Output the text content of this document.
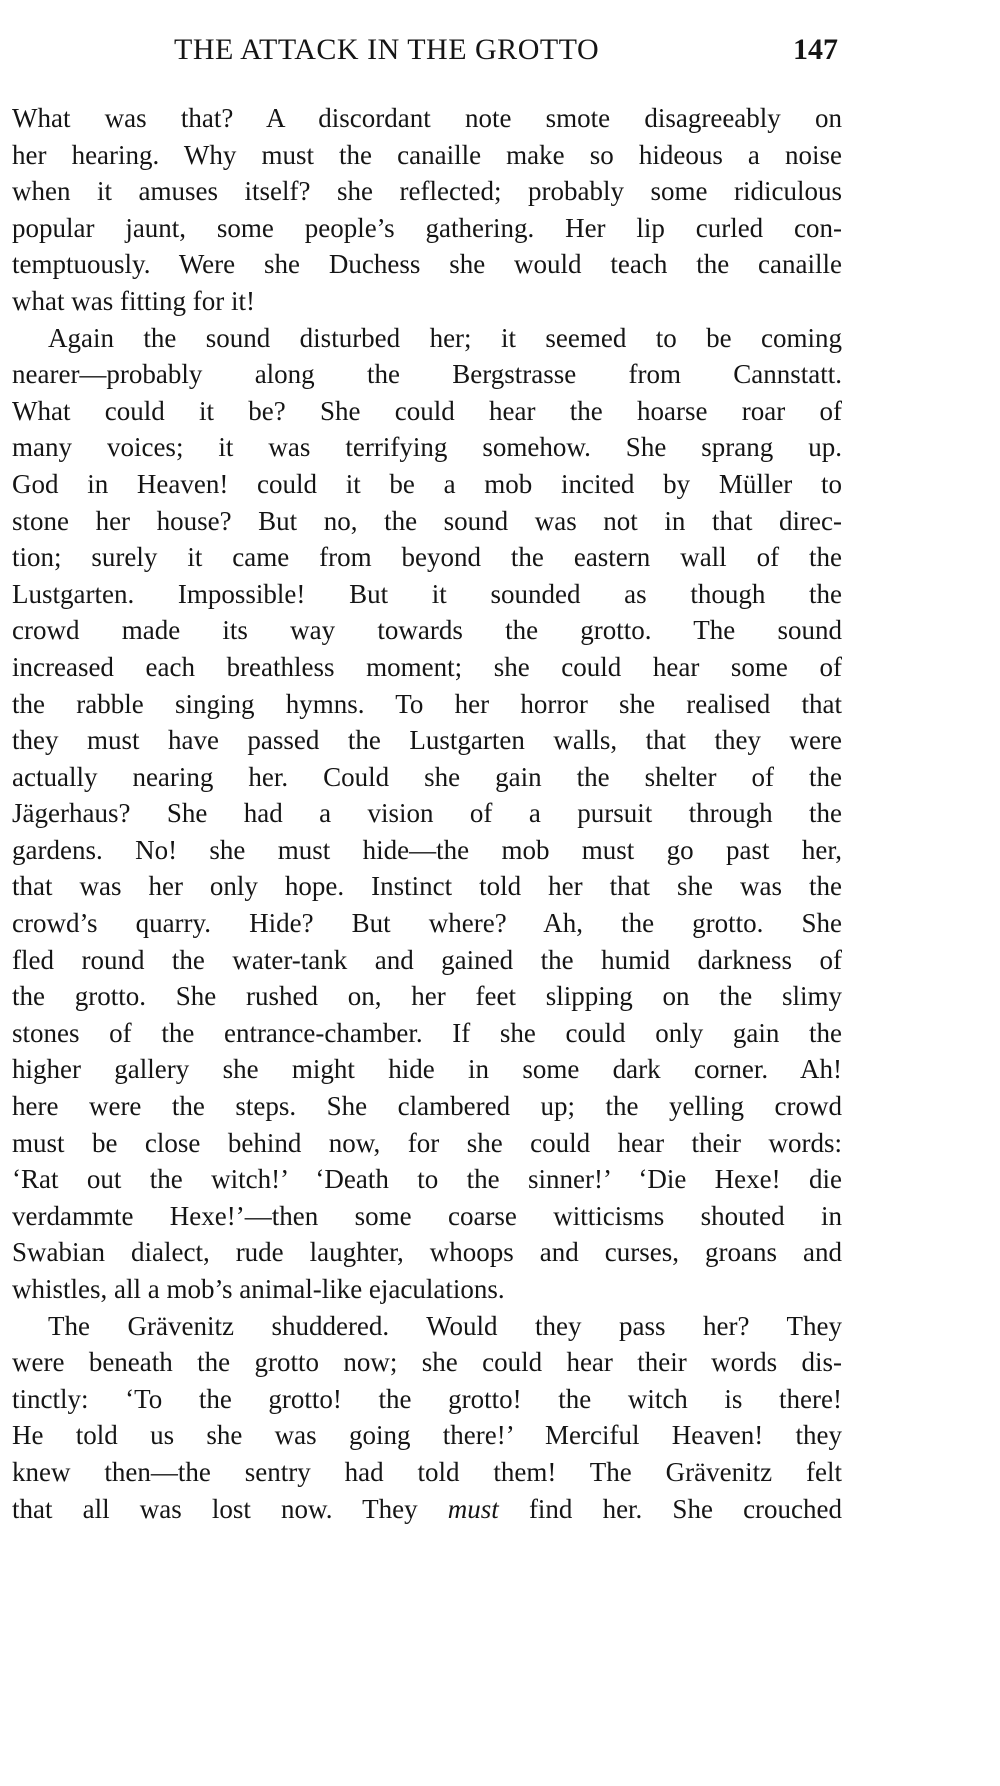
THE ATTACK IN THE GROTTO	147
What was that? A discordant note smote disagreeably on
her hearing. Why must the canaille make so hideous a noise
when it amuses itself? she reflected; probably some ridiculous
popular jaunt, some people’s gathering. Her lip curled con-
temptuously. Were she Duchess she would teach the canaille
what was fitting for it!
Again the sound disturbed her; it seemed to be coming
nearer—probably along the Bergstrasse from Cannstatt.
What could it be? She could hear the hoarse roar of
many voices; it was terrifying somehow. She sprang up.
God in Heaven! could it be a mob incited by Müller to
stone her house? But no, the sound was not in that direc-
tion; surely it came from beyond the eastern wall of the
Lustgarten. Impossible! But it sounded as though the
crowd made its way towards the grotto. The sound
increased each breathless moment; she could hear some of
the rabble singing hymns. To her horror she realised that
they must have passed the Lustgarten walls, that they were
actually nearing her. Could she gain the shelter of the
Jägerhaus? She had a vision of a pursuit through the
gardens. No! she must hide—the mob must go past her,
that was her only hope. Instinct told her that she was the
crowd’s quarry. Hide? But where? Ah, the grotto. She
fled round the water-tank and gained the humid darkness of
the grotto. She rushed on, her feet slipping on the slimy
stones of the entrance-chamber. If she could only gain the
higher gallery she might hide in some dark corner. Ah!
here were the steps. She clambered up; the yelling crowd
must be close behind now, for she could hear their words:
‘Rat out the witch!’ ‘Death to the sinner!’ ‘Die Hexe! die
verdammte Hexe!’—then some coarse witticisms shouted in
Swabian dialect, rude laughter, whoops and curses, groans and
whistles, all a mob’s animal-like ejaculations.
The Grävenitz shuddered. Would they pass her? They
were beneath the grotto now; she could hear their words dis-
tinctly: ‘To the grotto! the grotto! the witch is there!
He told us she was going there!’ Merciful Heaven! they
knew then—the sentry had told them! The Grävenitz felt
that all was lost now. They must find her. She crouched
